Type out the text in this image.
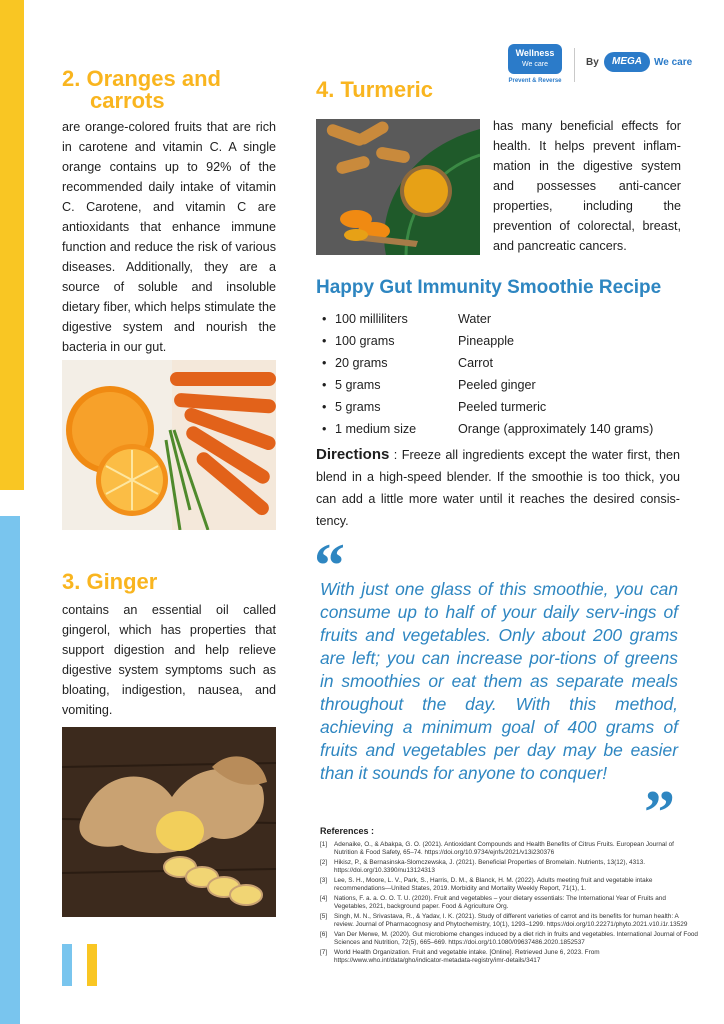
Wellness
We care
Prevent & Reverse
By	MEGA	We care
2. Oranges and
carrots

are orange-colored fruits that are rich in carotene and vitamin C. A single orange contains up to 92% of the recommended daily intake of vitamin C. Carotene, and vitamin C are antioxidants that enhance immune function and reduce the risk of various diseases. Additionally, they are a source of soluble and insoluble dietary fiber, which helps stimulate the digestive system and nourish the bacteria in our gut.

3. Ginger

contains an essential oil called gingerol, which has properties that support digestion and help relieve digestive system symptoms such as bloating, indigestion, nausea, and vomiting.

4. Turmeric

has many beneficial effects for health. It helps prevent inflam-mation in the digestive system and possesses anti-cancer properties, including the prevention of colorectal, breast, and pancreatic cancers.

Happy Gut Immunity Smoothie Recipe
• 100 milliliters	Water
• 100 grams	Pineapple
• 20 grams	Carrot
• 5 grams	Peeled ginger
• 5 grams	Peeled turmeric
• 1 medium size	Orange (approximately 140 grams)

Directions : Freeze all ingredients except the water first, then blend in a high-speed blender. If the smoothie is too thick, you can add a little more water until it reaches the desired consis-tency.

“

With just one glass of this smoothie, you can consume up to half of your daily serv-ings of fruits and vegetables. Only about 200 grams are left; you can increase por-tions of greens in smoothies or eat them as separate meals throughout the day. With this method, achieving a minimum goal of 400 grams of fruits and vegetables per day may be easier than it sounds for anyone to conquer!

”
References :
[1] Adenaike, O., & Abakpa, G. O. (2021). Antioxidant Compounds and Health Benefits of Citrus Fruits. European Journal of Nutrition & Food Safety, 65–74. https://doi.org/10.9734/ejnfs/2021/v13i230376
[2] Hikisz, P., & Bernasinska-Slomczewska, J. (2021). Beneficial Properties of Bromelain. Nutrients, 13(12), 4313. https://doi.org/10.3390/nu13124313
[3] Lee, S. H., Moore, L. V., Park, S., Harris, D. M., & Blanck, H. M. (2022). Adults meeting fruit and vegetable intake recommendations—United States, 2019. Morbidity and Mortality Weekly Report, 71(1), 1.
[4] Nations, F. a. a. O. O. T. U. (2020). Fruit and vegetables – your dietary essentials: The International Year of Fruits and Vegetables, 2021, background paper. Food & Agriculture Org.
[5] Singh, M. N., Srivastava, R., & Yadav, I. K. (2021). Study of different varieties of carrot and its benefits for human health: A review. Journal of Pharmacognosy and Phytochemistry, 10(1), 1293–1299. https://doi.org/10.22271/phyto.2021.v10.i1r.13529
[6] Van Der Merwe, M. (2020). Gut microbiome changes induced by a diet rich in fruits and vegetables. International Journal of Food Sciences and Nutrition, 72(5), 665–669. https://doi.org/10.1080/09637486.2020.1852537
[7] World Health Organization. Fruit and vegetable intake. [Online]. Retrieved June 6, 2023. From https://www.who.int/data/gho/indicator-metadata-registry/imr-details/3417
